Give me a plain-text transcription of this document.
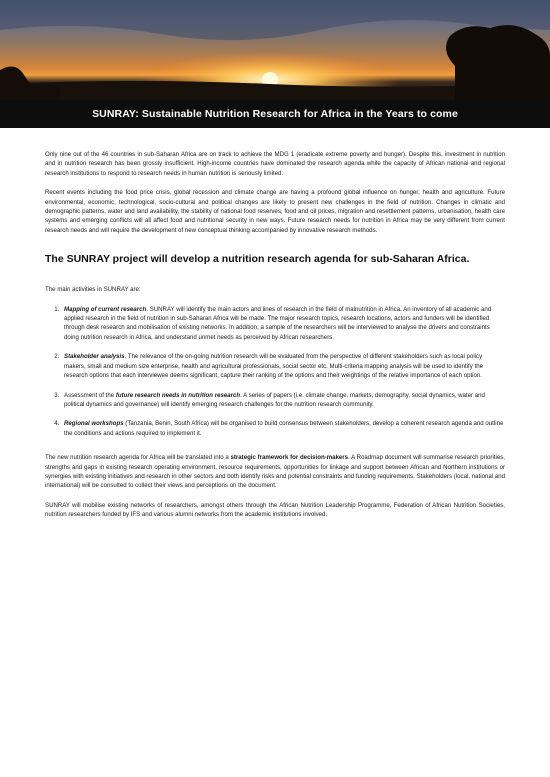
SUNRAY: Sustainable Nutrition Research for Africa in the Years to come

Only nine out of the 46 countries in sub-Saharan Africa are on track to achieve the MDG 1 (eradicate extreme poverty and hunger). Despite this, investment in nutrition and in nutrition research has been grossly insufficient. High-income countries have dominated the research agenda while the capacity of African national and regional research institutions to respond to research needs in human nutrition is seriously limited.

Recent events including the food price crisis, global recession and climate change are having a profound global influence on hunger, health and agriculture. Future environmental, economic, technological, socio-cultural and political changes are likely to present new challenges in the field of nutrition. Changes in climatic and demographic patterns, water and land availability, the stability of national food reserves, food and oil prices, migration and resettlement patterns, urbanisation, health care systems and emerging conflicts will all affect food and nutritional security in new ways. Future research needs for nutrition in Africa may be very different from current research needs and will require the development of new conceptual thinking accompanied by innovative research methods.

The SUNRAY project will develop a nutrition research agenda for sub-Saharan Africa.

The main activities in SUNRAY are:

1. Mapping of current research. SUNRAY will identify the main actors and lines of research in the field of malnutrition in Africa. An inventory of all academic and applied research in the field of nutrition in sub-Saharan Africa will be made. The major research topics, research locations, actors and funders will be identified through desk research and mobilisation of existing networks. In addition, a sample of the researchers will be interviewed to analyse the drivers and constraints doing nutrition research in Africa, and understand unmet needs as perceived by African researchers.
2. Stakeholder analysis. The relevance of the on-going nutrition research will be evaluated from the perspective of different stakeholders such as local policy makers, small and medium size enterprise, health and agricultural professionals, social sector etc. Multi-criteria mapping analysis will be used to identify the research options that each interviewee deems significant, capture their ranking of the options and their weightings of the relative importance of each option.
3. Assessment of the future research needs in nutrition research. A series of papers (i.e. climate change, markets, demography, social dynamics, water and political dynamics and governance) will identify emerging research challenges for the nutrition research community.
4. Regional workshops (Tanzania, Benin, South Africa) will be organised to build consensus between stakeholders, develop a coherent research agenda and outline the conditions and actions required to implement it.

The new nutrition research agenda for Africa will be translated into a strategic framework for decision-makers. A Roadmap document will summarise research priorities, strengths and gaps in existing research operating environment, resource requirements, opportunities for linkage and support between African and Northern institutions or synergies with existing initiatives and research in other sectors and both identify risks and potential constraints and funding requirements. Stakeholders (local, national and international) will be consulted to collect their views and perceptions on the document.

SUNRAY will mobilise existing networks of researchers, amongst others through the African Nutrition Leadership Programme, Federation of African Nutrition Societies, nutrition researchers funded by IFS and various alumni networks from the academic institutions involved.
